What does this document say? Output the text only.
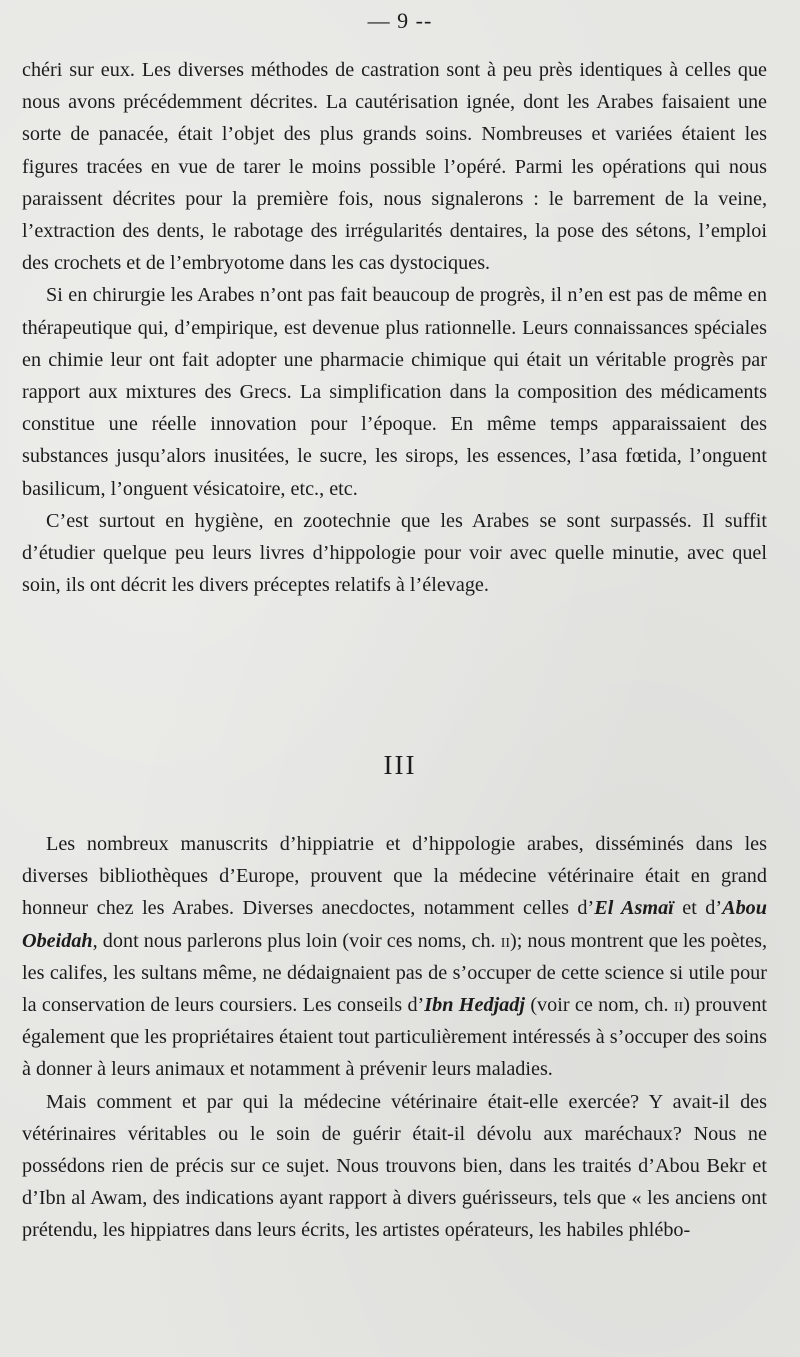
— 9 --

chéri sur eux. Les diverses méthodes de castration sont à peu près identiques à celles que nous avons précédemment décrites. La cautérisation ignée, dont les Arabes faisaient une sorte de panacée, était l’objet des plus grands soins. Nombreuses et variées étaient les figures tracées en vue de tarer le moins possible l’opéré. Parmi les opérations qui nous paraissent décrites pour la première fois, nous signalerons : le barrement de la veine, l’extraction des dents, le rabotage des irrégularités dentaires, la pose des sétons, l’emploi des crochets et de l’embryotome dans les cas dystociques.

Si en chirurgie les Arabes n’ont pas fait beaucoup de progrès, il n’en est pas de même en thérapeutique qui, d’empirique, est devenue plus rationnelle. Leurs connaissances spéciales en chimie leur ont fait adopter une pharmacie chimique qui était un véritable progrès par rapport aux mixtures des Grecs. La simplification dans la composition des médicaments constitue une réelle innovation pour l’époque. En même temps apparaissaient des substances jusqu’alors inusitées, le sucre, les sirops, les essences, l’asa fœtida, l’onguent basilicum, l’onguent vésicatoire, etc., etc.

C’est surtout en hygiène, en zootechnie que les Arabes se sont surpassés. Il suffit d’étudier quelque peu leurs livres d’hippologie pour voir avec quelle minutie, avec quel soin, ils ont décrit les divers préceptes relatifs à l’élevage.

III

Les nombreux manuscrits d’hippiatrie et d’hippologie arabes, disséminés dans les diverses bibliothèques d’Europe, prouvent que la médecine vétérinaire était en grand honneur chez les Arabes. Diverses anecdoctes, notamment celles d’El Asmaï et d’Abou Obeidah, dont nous parlerons plus loin (voir ces noms, ch. ii); nous montrent que les poètes, les califes, les sultans même, ne dédaignaient pas de s’occuper de cette science si utile pour la conservation de leurs coursiers. Les conseils d’Ibn Hedjadj (voir ce nom, ch. ii) prouvent également que les propriétaires étaient tout particulièrement intéressés à s’occuper des soins à donner à leurs animaux et notamment à prévenir leurs maladies.

Mais comment et par qui la médecine vétérinaire était-elle exercée? Y avait-il des vétérinaires véritables ou le soin de guérir était-il dévolu aux maréchaux? Nous ne possédons rien de précis sur ce sujet. Nous trouvons bien, dans les traités d’Abou Bekr et d’Ibn al Awam, des indications ayant rapport à divers guérisseurs, tels que « les anciens ont prétendu, les hippiatres dans leurs écrits, les artistes opérateurs, les habiles phlébo-
